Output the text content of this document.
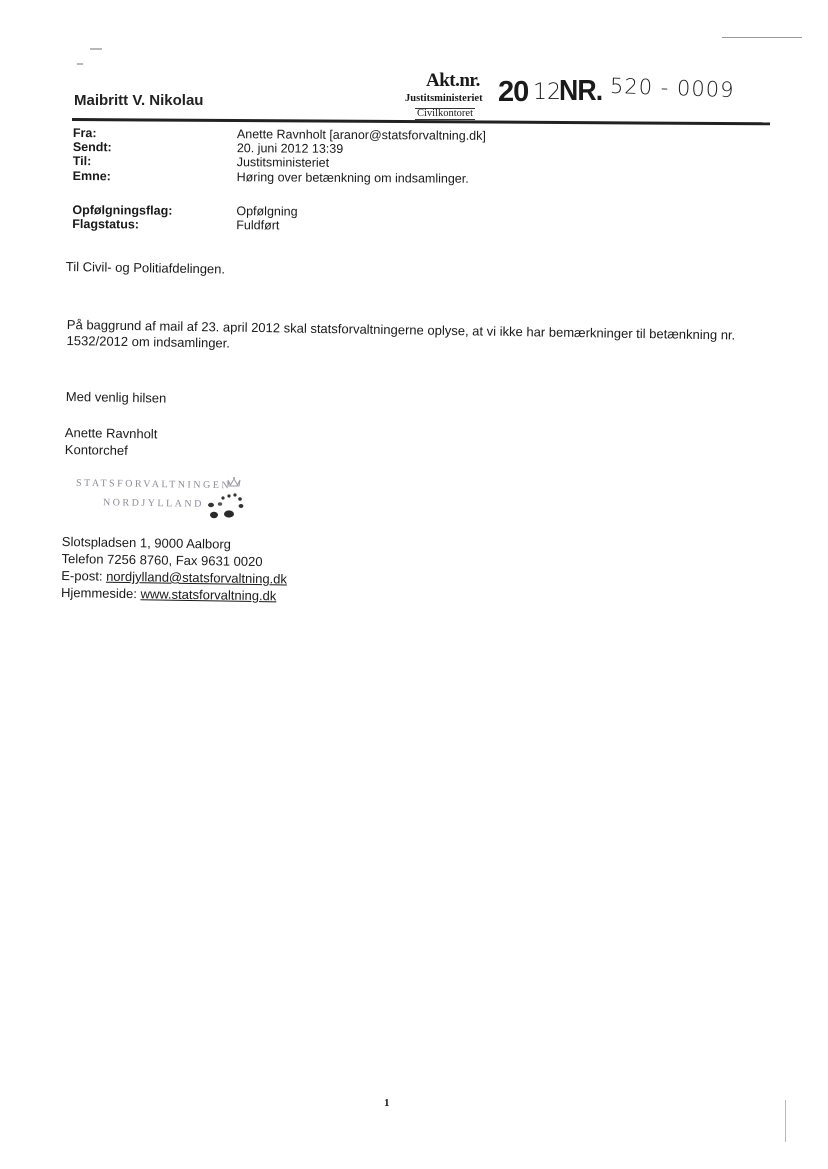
Maibritt V. Nikolau
Akt.nr.
Justitsministeriet
Civilkontoret
20 12
NR. 520 - 0009
Fra:	Anette Ravnholt [aranor@statsforvaltning.dk]
Sendt:	20. juni 2012 13:39
Til:	Justitsministeriet
Emne:	Høring over betænkning om indsamlinger.
Opfølgningsflag:	Opfølgning
Flagstatus:	Fuldført
Til Civil- og Politiafdelingen.
På baggrund af mail af 23. april 2012 skal statsforvaltningerne oplyse, at vi ikke har bemærkninger til betænkning nr. 1532/2012 om indsamlinger.
Med venlig hilsen
Anette Ravnholt
Kontorchef
STATSFORVALTNINGEN
NORDJYLLAND
Slotspladsen 1, 9000 Aalborg
Telefon 7256 8760, Fax 9631 0020
E-post: nordjylland@statsforvaltning.dk
Hjemmeside: www.statsforvaltning.dk
1
